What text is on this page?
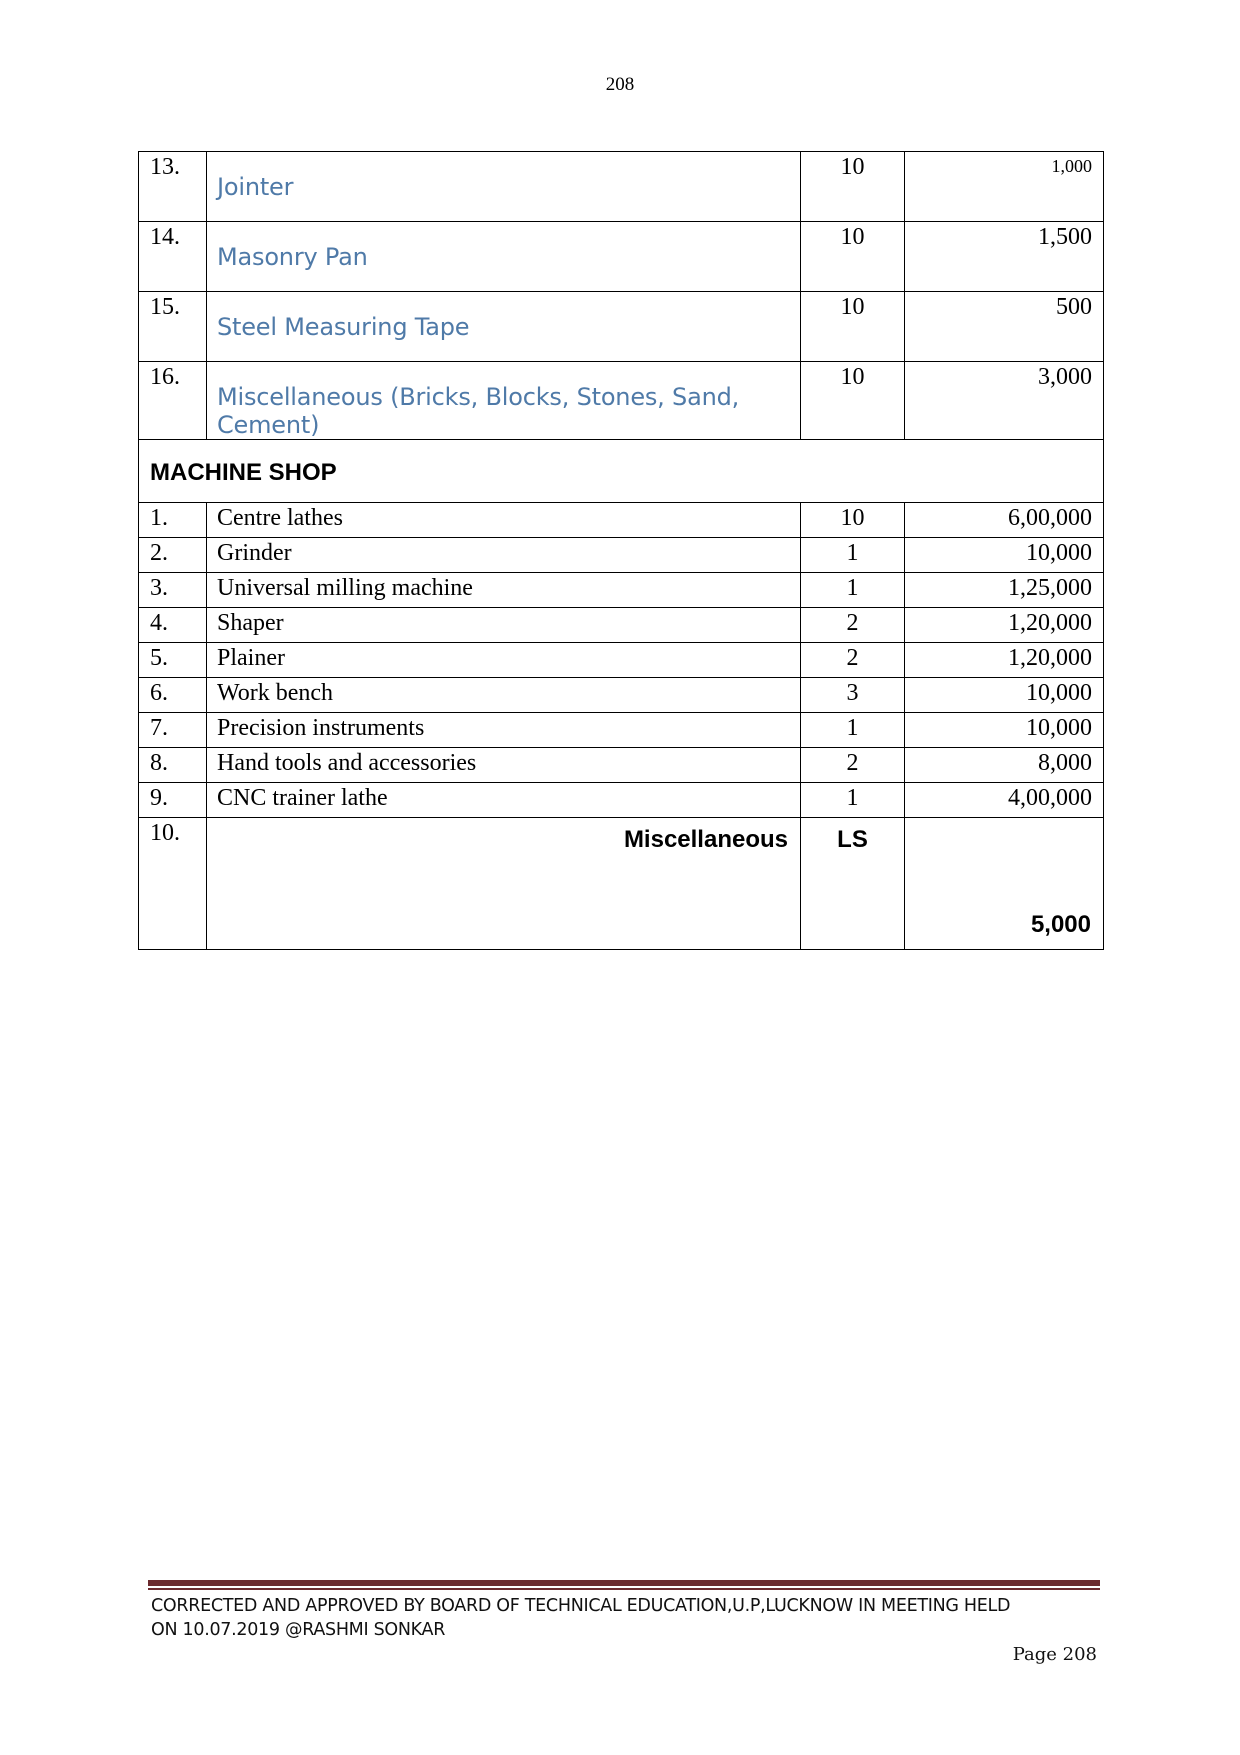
208
13.	Jointer	10	1,000
14.	Masonry Pan	10	1,500
15.	Steel Measuring Tape	10	500
16.	Miscellaneous (Bricks, Blocks, Stones, Sand, Cement)	10	3,000
MACHINE SHOP			
1.	Centre lathes	10	6,00,000
2.	Grinder	1	10,000
3.	Universal milling machine	1	1,25,000
4.	Shaper	2	1,20,000
5.	Plainer	2	1,20,000
6.	Work bench	3	10,000
7.	Precision instruments	1	10,000
8.	Hand tools and accessories	2	8,000
9.	CNC trainer lathe	1	4,00,000
10.	Miscellaneous	LS	5,000
CORRECTED AND APPROVED BY BOARD OF TECHNICAL EDUCATION,U.P,LUCKNOW IN MEETING HELD
ON 10.07.2019 @RASHMI SONKAR
Page 208
